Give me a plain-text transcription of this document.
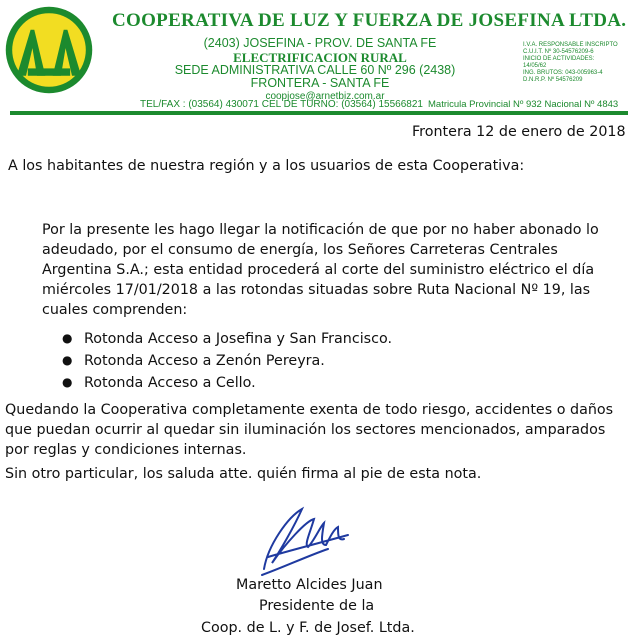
COOPERATIVA DE LUZ Y FUERZA DE JOSEFINA LTDA.
(2403) JOSEFINA - PROV. DE SANTA FE
ELECTRIFICACION RURAL
SEDE ADMINISTRATIVA CALLE 60 Nº 296 (2438)
FRONTERA - SANTA FE
coopjose@arnetbiz.com.ar
TEL/FAX : (03564) 430071 CEL DE TURNO: (03564) 15566821
I.V.A. RESPONSABLE INSCRIPTO
C.U.I.T. Nº 30-54576209-6
INICIO DE ACTIVIDADES:
14/05/62
ING. BRUTOS: 043-005963-4
D.N.R.P. Nº 54576209
Matricula Provincial Nº 932 Nacional Nº 4843
Frontera 12 de enero de 2018
A los habitantes de nuestra región y a los usuarios de esta Cooperativa:
Por la presente les hago llegar la notificación de que por no haber abonado lo
adeudado, por el consumo de energía, los Señores Carreteras Centrales
Argentina S.A.; esta entidad procederá al corte del suministro eléctrico el día
miércoles 17/01/2018 a las rotondas situadas sobre Ruta Nacional Nº 19, las
cuales comprenden:
● Rotonda Acceso a Josefina y San Francisco.
● Rotonda Acceso a Zenón Pereyra.
● Rotonda Acceso a Cello.
Quedando la Cooperativa completamente exenta de todo riesgo, accidentes o daños
que puedan ocurrir al quedar sin iluminación los sectores mencionados, amparados
por reglas y condiciones internas.
Sin otro particular, los saluda atte. quién firma al pie de esta nota.
Maretto Alcides Juan
Presidente de la
Coop. de L. y F. de Josef. Ltda.
